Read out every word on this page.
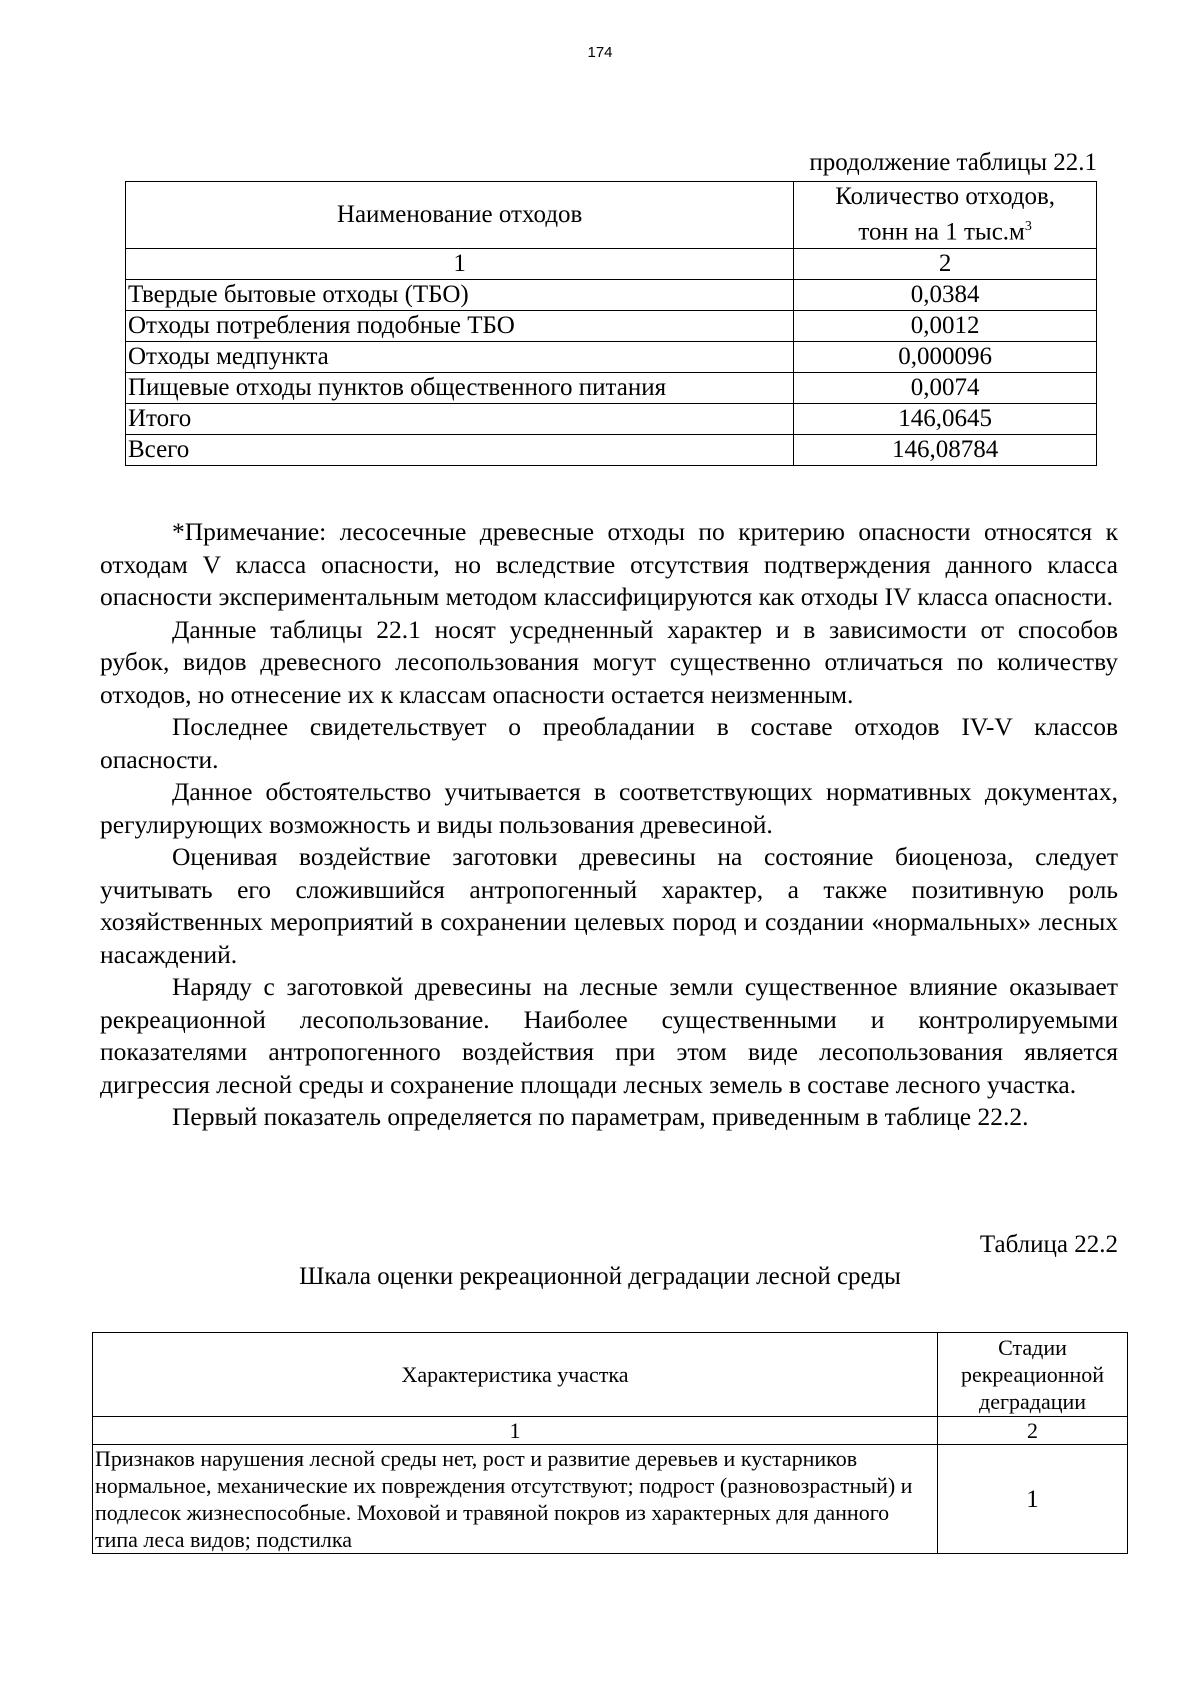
174
продолжение таблицы 22.1
Наименование отходов	Количество отходов,
тонн на 1 $тыс.м^3$
1	2
Твердые бытовые отходы (ТБО)	0,0384
Отходы потребления подобные ТБО	0,0012
Отходы медпункта	0,000096
Пищевые отходы пунктов общественного питания	0,0074
Итого	146,0645
Всего	146,08784

*Примечание: лесосечные древесные отходы по критерию опасности относятся к отходам V класса опасности, но вследствие отсутствия подтверждения данного класса опасности экспериментальным методом классифицируются как отходы IV класса опасности.

Данные таблицы 22.1 носят усредненный характер и в зависимости от способов рубок, видов древесного лесопользования могут существенно отличаться по количеству отходов, но отнесение их к классам опасности остается неизменным.

Последнее свидетельствует о преобладании в составе отходов IV-V классов опасности.

Данное обстоятельство учитывается в соответствующих нормативных документах, регулирующих возможность и виды пользования древесиной.

Оценивая воздействие заготовки древесины на состояние биоценоза, следует учитывать его сложившийся антропогенный характер, а также позитивную роль хозяйственных мероприятий в сохранении целевых пород и создании «нормальных» лесных насаждений.

Наряду с заготовкой древесины на лесные земли существенное влияние оказывает рекреационной лесопользование. Наиболее существенными и контролируемыми показателями антропогенного воздействия при этом виде лесопользования является дигрессия лесной среды и сохранение площади лесных земель в составе лесного участка.

Первый показатель определяется по параметрам, приведенным в таблице 22.2.

Таблица 22.2
Шкала оценки рекреационной деградации лесной среды
Характеристика участка	Стадии рекреационной деградации
1	2
Признаков нарушения лесной среды нет, рост и развитие деревьев и кустарников нормальное, механические их повреждения отсутствуют; подрост (разновозрастный) и подлесок жизнеспособные. Моховой и травяной покров из характерных для данного типа леса видов; подстилка	1
